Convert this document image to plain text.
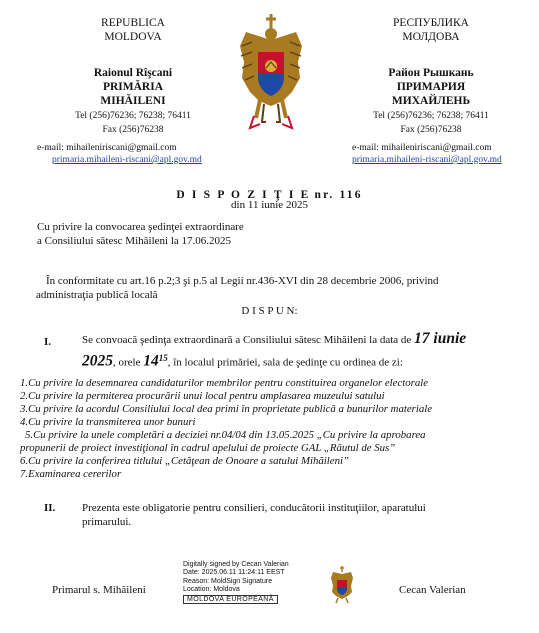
REPUBLICA
MOLDOVA
Raionul Rîşcani
PRIMĂRIA
MIHĂILENI
Tel (256)76236; 76238; 76411
Fax (256)76238
e-mail: mihaileniriscani@gmail.com
primaria.mihaileni-riscani@apl.gov.md
РЕСПУБЛИКА
МОЛДОВА
Район Рышкань
ПРИМАРИЯ
МИХАЙЛЕНЬ
Tel (256)76236; 76238; 76411
Fax (256)76238
e-mail: mihaileniriscani@gmail.com
primaria.mihaileni-riscani@apl.gov.md
D I S P O Z I Ţ I E nr. 116
din 11 iunie 2025
Cu privire la convocarea şedinţei extraordinare
a Consiliului sătesc Mihăileni la 17.06.2025
În conformitate cu art.16 p.2;3 şi p.5 al Legii nr.436-XVI din 28 decembrie 2006, privind
administraţia publică locală
D I S P U N:
I.	Se convoacă şedinţa extraordinară a Consiliului sătesc Mihăileni la data de 17 iunie
2025, orele $14^{15}$, în localul primăriei, sala de şedinţe cu ordinea de zi:
1.Cu privire la desemnarea candidaturilor membrilor pentru constituirea organelor electorale
2.Cu privire la permiterea procurării unui local pentru amplasarea muzeului satului
3.Cu privire la acordul Consiliului local dea primi în proprietate publică a bunurilor materiale
4.Cu privire la transmiterea unor bunuri
5.Cu privire la unele completări a deciziei nr.04/04 din 13.05.2025 „Cu privire la aprobarea
propunerii de proiect investiţional în cadrul apelului de proiecte GAL „Răutul de Sus”
6.Cu privire la conferirea titlului „Cetăţean de Onoare a satului Mihăileni”
7.Examinarea cererilor
II. Prezenta este obligatorie pentru consilieri, conducătorii instituţiilor, aparatului
primarului.
Primarul s. Mihăileni
Digitally signed by Cecan Valerian
Date: 2025.06.11 11:24:11 EEST
Reason: MoldSign Signature
Location: Moldova
MOLDOVA EUROPEANĂ
Cecan Valerian
